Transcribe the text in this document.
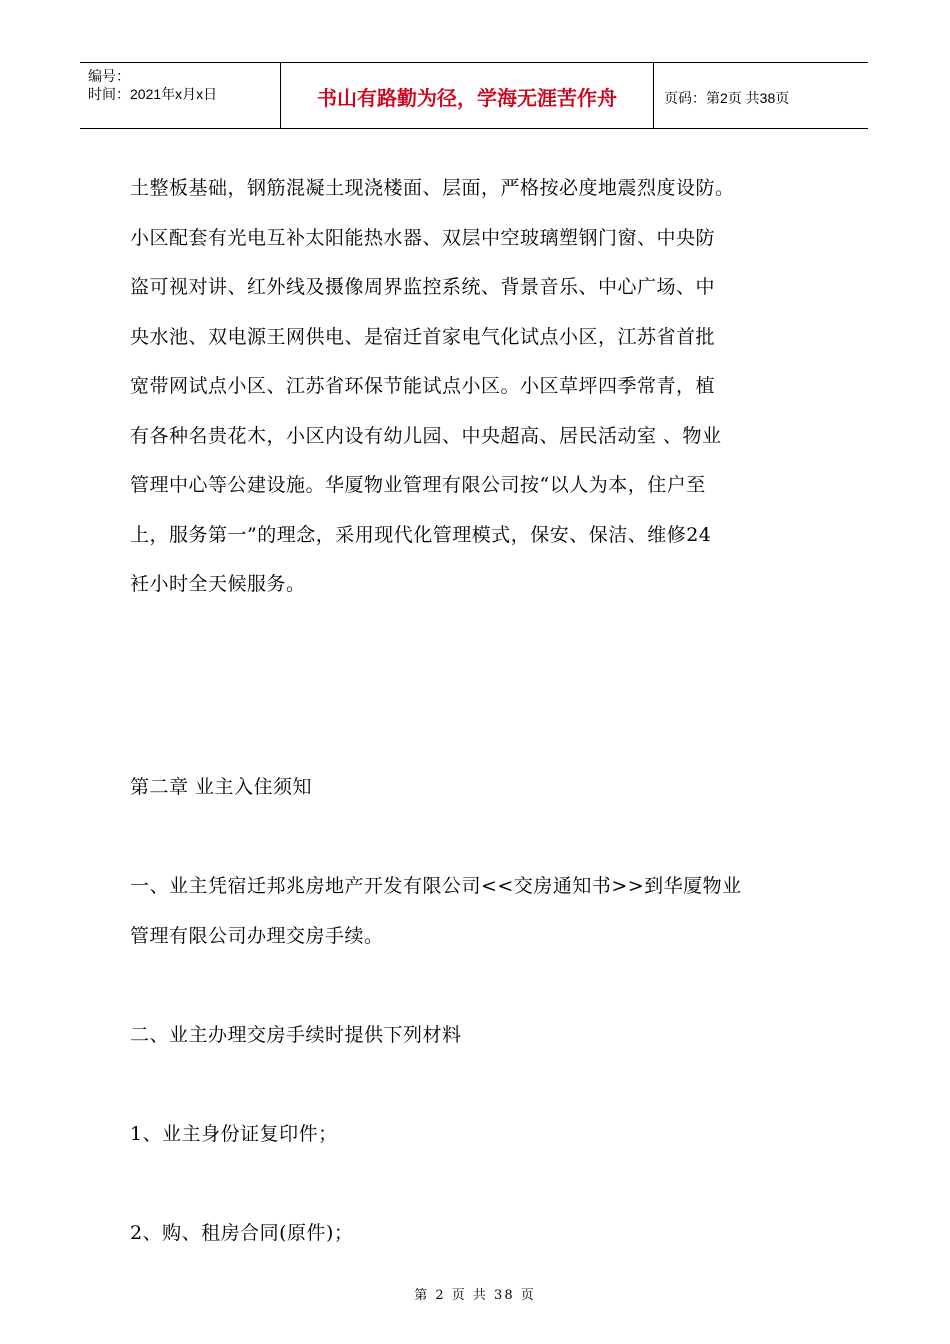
编号：
时间：2021年x月x日	书山有路勤为径，学海无涯苦作舟	页码：第2页 共38页
土整板基础，钢筋混凝土现浇楼面、层面，严格按必度地震烈度设防。
小区配套有光电互补太阳能热水器、双层中空玻璃塑钢门窗、中央防
盗可视对讲、红外线及摄像周界监控系统、背景音乐、中心广场、中
央水池、双电源王网供电、是宿迁首家电气化试点小区，江苏省首批
宽带网试点小区、江苏省环保节能试点小区。小区草坪四季常青，植
有各种名贵花木，小区内设有幼儿园、中央超高、居民活动室 、物业
管理中心等公建设施。华厦物业管理有限公司按“以人为本，住户至
上，服务第一”的理念，采用现代化管理模式，保安、保洁、维修24
衽小时全天候服务。
第二章 业主入住须知
一、业主凭宿迁邦兆房地产开发有限公司<<交房通知书>>到华厦物业
管理有限公司办理交房手续。
二、业主办理交房手续时提供下列材料
1、业主身份证复印件；
2、购、租房合同(原件)；
第 2 页 共 38 页
